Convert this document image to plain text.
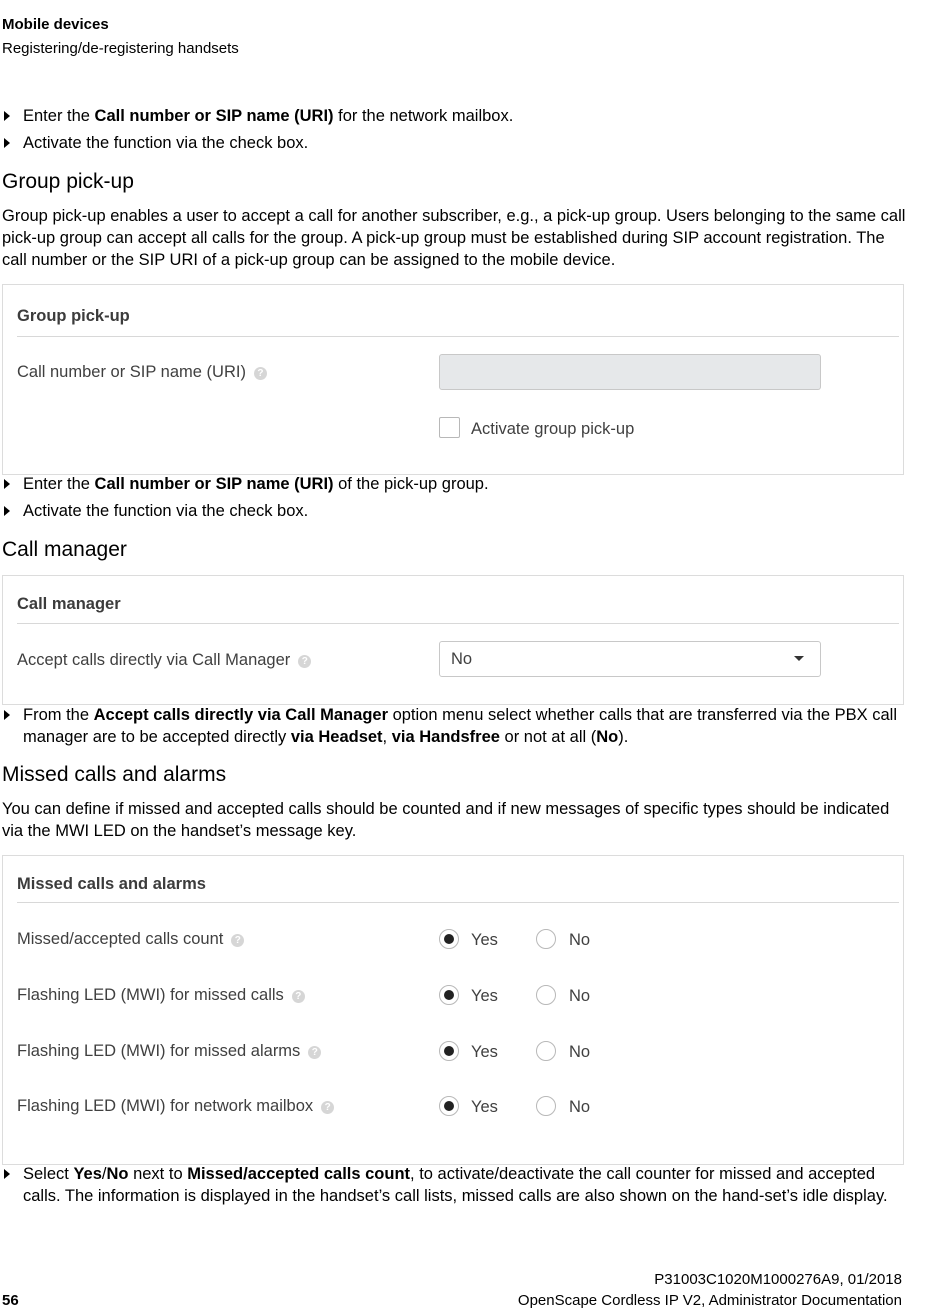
Mobile devices
Registering/de-registering handsets
Enter the Call number or SIP name (URI) for the network mailbox.
Activate the function via the check box.
Group pick-up
Group pick-up enables a user to accept a call for another subscriber, e.g., a pick-up group. Users belonging to the same call pick-up group can accept all calls for the group. A pick-up group must be established during SIP account registration. The call number or the SIP URI of a pick-up group can be assigned to the mobile device.
Group pick-up
Call number or SIP name (URI) ?
Activate group pick-up
Enter the Call number or SIP name (URI) of the pick-up group.
Activate the function via the check box.
Call manager
Call manager
Accept calls directly via Call Manager ?	No
From the Accept calls directly via Call Manager option menu select whether calls that are transferred via the PBX call manager are to be accepted directly via Headset, via Handsfree or not at all (No).
Missed calls and alarms
You can define if missed and accepted calls should be counted and if new messages of specific types should be indicated via the MWI LED on the handset’s message key.
Missed calls and alarms
Missed/accepted calls count ?	Yes	No
Flashing LED (MWI) for missed calls ?	Yes	No
Flashing LED (MWI) for missed alarms ?	Yes	No
Flashing LED (MWI) for network mailbox ?	Yes	No
Select Yes/No next to Missed/accepted calls count, to activate/deactivate the call counter for missed and accepted calls. The information is displayed in the handset’s call lists, missed calls are also shown on the hand-set’s idle display.
P31003C1020M1000276A9, 01/2018
56	OpenScape Cordless IP V2, Administrator Documentation
